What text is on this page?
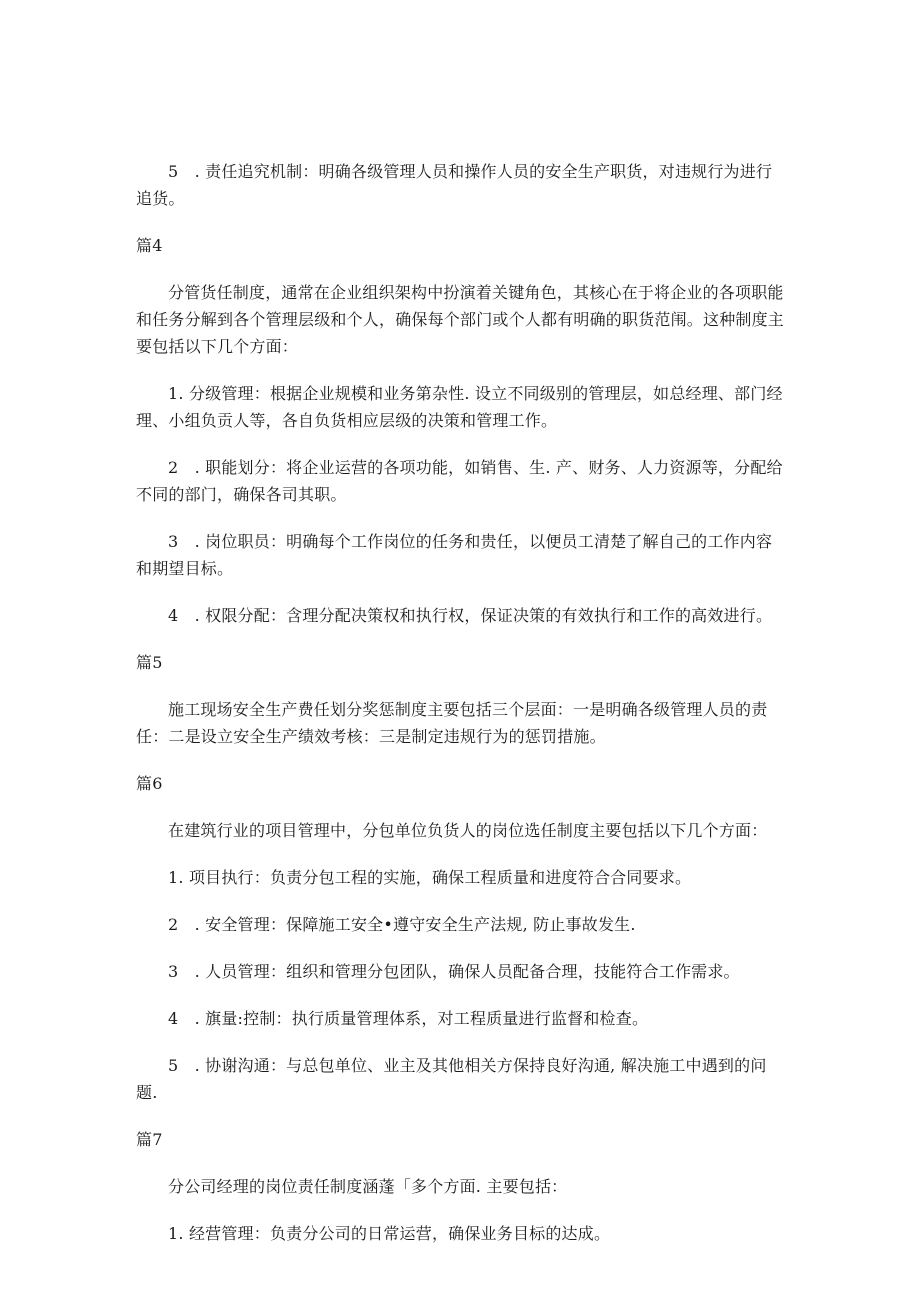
5　. 责任追究机制：明确各级管理人员和操作人员的安全生产职货，对违规行为进行追货。

篇4

分管货任制度，通常在企业组织架构中扮演着关键角色，其核心在于将企业的各项职能和任务分解到各个管理层级和个人，确保每个部门或个人都有明确的职货范闱。这种制度主要包括以下几个方面：

1. 分级管理：根据企业规模和业务第杂性. 设立不同级别的管理层，如总经理、部门经理、小组负贡人等，各自负货相应层级的决策和管理工作。

2　. 职能划分：将企业运营的各项功能，如销售、生. 产、财务、人力资源等，分配给不同的部门，确保各司其职。

3　. 岗位职员：明确每个工作岗位的任务和贵任，以便员工清楚了解自己的工作内容和期望目标。

4　. 权限分配：含理分配决策权和执行权，保证决策的有效执行和工作的高效进行。

篇5

施工现场安全生产费任划分奖惩制度主要包括三个层面：一是明确各级管理人员的责任：二是设立安全生产绩效考核：三是制定违规行为的惩罚措施。

篇6

在建筑行业的项目管理中，分包单位负货人的岗位选任制度主要包括以下几个方面：

1. 项目执行：负责分包工程的实施，确保工程质量和进度符合合同要求。

2　. 安全管理：保障施工安全•遵守安全生产法规, 防止事故发生.

3　. 人员管理：组织和管理分包团队，确保人员配备合理，技能符合工作需求。

4　. 旗量:控制：执行质量管理体系，对工程质量进行监督和检查。

5　. 协谢沟通：与总包单位、业主及其他相关方保持良好沟通, 解决施工中遇到的问题.

篇7

分公司经理的岗位责任制度涵蓬「多个方面. 主要包括：

1. 经营管理：负责分公司的日常运营，确保业务目标的达成。
